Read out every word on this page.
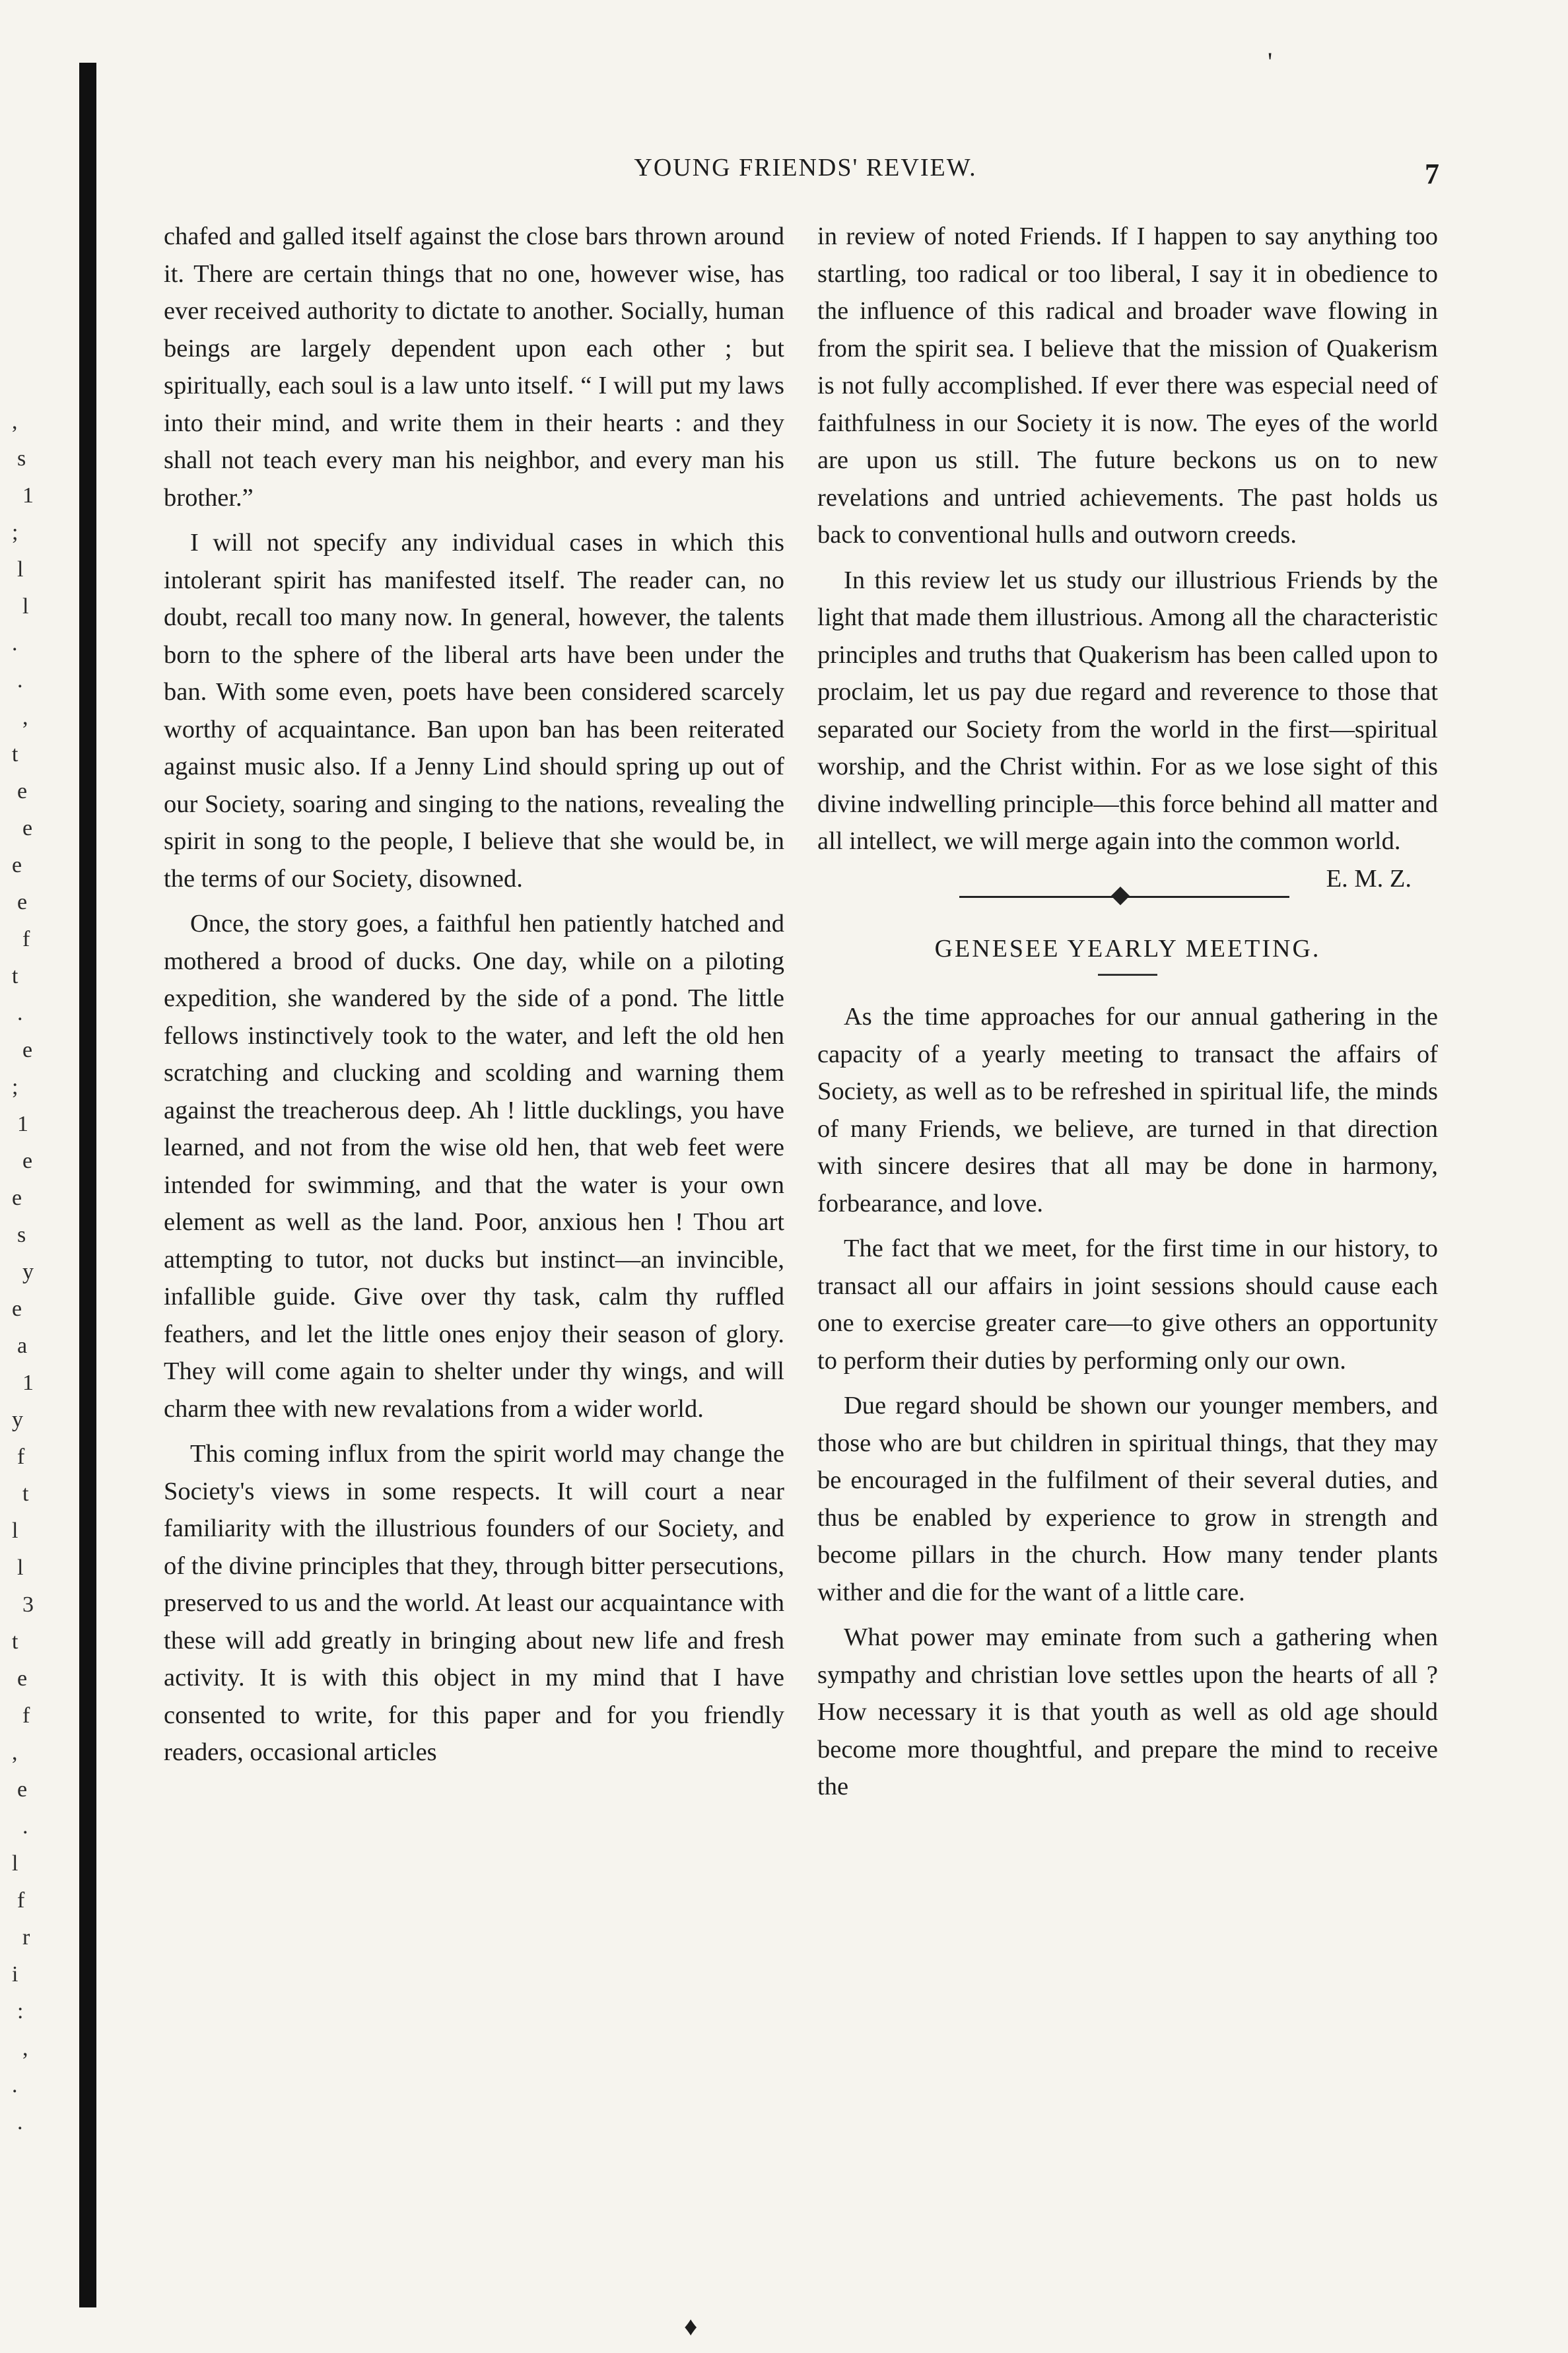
,
s
1
;
l
l
.
.
,
t
e
e
e
e
f
t
.
e
;
1
e
e
s
y
e
a
1
y
f
t
l
l
3
t
e
f
,
e
.
l
f
r
i
:
,
.
.
'
YOUNG FRIENDS' REVIEW.	7

chafed and galled itself against the close bars thrown around it. There are certain things that no one, however wise, has ever received authority to dictate to another. Socially, human beings are largely dependent upon each other ; but spiritually, each soul is a law unto itself. “ I will put my laws into their mind, and write them in their hearts : and they shall not teach every man his neighbor, and every man his brother.”

I will not specify any individual cases in which this intolerant spirit has manifested itself. The reader can, no doubt, recall too many now. In general, however, the talents born to the sphere of the liberal arts have been under the ban. With some even, poets have been considered scarcely worthy of acquaintance. Ban upon ban has been reiterated against music also. If a Jenny Lind should spring up out of our Society, soaring and singing to the nations, revealing the spirit in song to the people, I believe that she would be, in the terms of our Society, disowned.

Once, the story goes, a faithful hen patiently hatched and mothered a brood of ducks. One day, while on a piloting expedition, she wandered by the side of a pond. The little fellows instinctively took to the water, and left the old hen scratching and clucking and scolding and warning them against the treacherous deep. Ah ! little ducklings, you have learned, and not from the wise old hen, that web feet were intended for swimming, and that the water is your own element as well as the land. Poor, anxious hen ! Thou art attempting to tutor, not ducks but instinct—an invincible, infallible guide. Give over thy task, calm thy ruffled feathers, and let the little ones enjoy their season of glory. They will come again to shelter under thy wings, and will charm thee with new revalations from a wider world.

This coming influx from the spirit world may change the Society's views in some respects. It will court a near familiarity with the illustrious founders of our Society, and of the divine principles that they, through bitter persecutions, preserved to us and the world. At least our acquaintance with these will add greatly in bringing about new life and fresh activity. It is with this object in my mind that I have consented to write, for this paper and for you friendly readers, occasional articles

in review of noted Friends. If I happen to say anything too startling, too radical or too liberal, I say it in obedience to the influence of this radical and broader wave flowing in from the spirit sea. I believe that the mission of Quakerism is not fully accomplished. If ever there was especial need of faithfulness in our Society it is now. The eyes of the world are upon us still. The future beckons us on to new revelations and untried achievements. The past holds us back to conventional hulls and outworn creeds.

In this review let us study our illustrious Friends by the light that made them illustrious. Among all the characteristic principles and truths that Quakerism has been called upon to proclaim, let us pay due regard and reverence to those that separated our Society from the world in the first—spiritual worship, and the Christ within. For as we lose sight of this divine indwelling principle—this force behind all matter and all intellect, we will merge again into the common world.
E. M. Z.

GENESEE YEARLY MEETING.

As the time approaches for our annual gathering in the capacity of a yearly meeting to transact the affairs of Society, as well as to be refreshed in spiritual life, the minds of many Friends, we believe, are turned in that direction with sincere desires that all may be done in harmony, forbearance, and love.

The fact that we meet, for the first time in our history, to transact all our affairs in joint sessions should cause each one to exercise greater care—to give others an opportunity to perform their duties by performing only our own.

Due regard should be shown our younger members, and those who are but children in spiritual things, that they may be encouraged in the fulfilment of their several duties, and thus be enabled by experience to grow in strength and become pillars in the church. How many tender plants wither and die for the want of a little care.

What power may eminate from such a gathering when sympathy and christian love settles upon the hearts of all ? How necessary it is that youth as well as old age should become more thoughtful, and prepare the mind to receive the

♦
